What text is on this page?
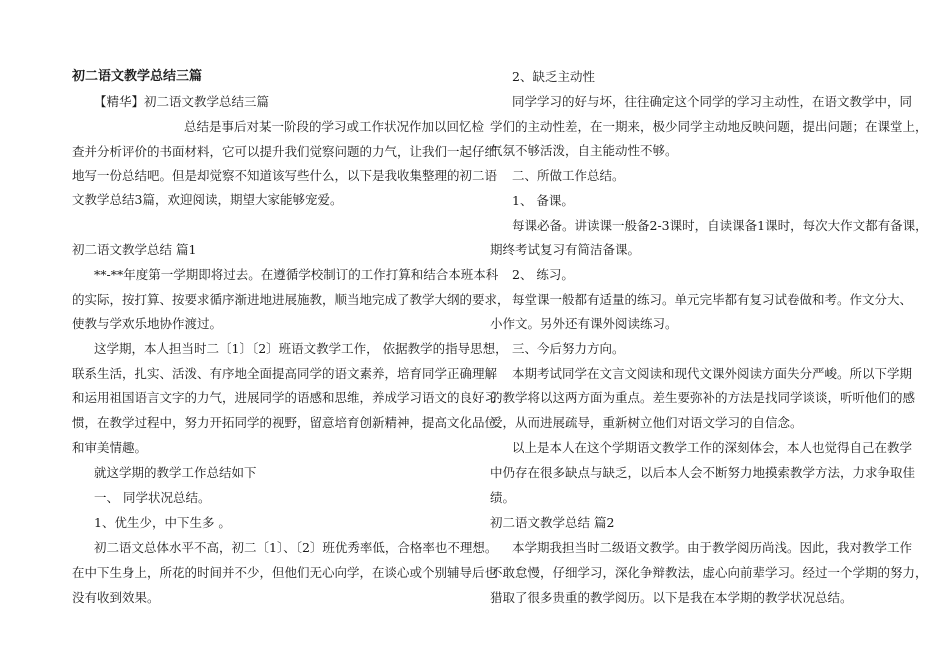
初二语文教学总结三篇
【精华】初二语文教学总结三篇
总结是事后对某一阶段的学习或工作状况作加以回忆检
查并分析评价的书面材料，它可以提升我们觉察问题的力气，让我们一起仔细
地写一份总结吧。但是却觉察不知道该写些什么，以下是我收集整理的初二语
文教学总结3篇，欢迎阅读，期望大家能够宠爱。
初二语文教学总结 篇1
**-**年度第一学期即将过去。在遵循学校制订的工作打算和结合本班本科
的实际，按打算、按要求循序渐进地进展施教，顺当地完成了教学大纲的要求，
使教与学欢乐地协作渡过。
这学期，本人担当时二〔1〕〔2〕班语文教学工作， 依据教学的指导思想，
联系生活，扎实、活泼、有序地全面提高同学的语文素养，培育同学正确理解
和运用祖国语言文字的力气，进展同学的语感和思维，养成学习语文的良好习
惯，在教学过程中，努力开拓同学的视野，留意培育创新精神，提高文化品位
和审美情趣。
就这学期的教学工作总结如下
一、 同学状况总结。
1、优生少，中下生多 。
初二语文总体水平不高，初二〔1〕、〔2〕班优秀率低，合格率也不理想。
在中下生身上，所花的时间并不少，但他们无心向学，在谈心或个别辅导后也
没有收到效果。
2、缺乏主动性
同学学习的好与坏，往往确定这个同学的学习主动性，在语文教学中，同
学们的主动性差，在一期来，极少同学主动地反映问题，提出问题；在课堂上，
气氛不够活泼，自主能动性不够。
二、所做工作总结。
1、 备课。
每课必备。讲读课一般备2-3课时，自读课备1课时，每次大作文都有备课，
期终考试复习有简洁备课。
2、 练习。
每堂课一般都有适量的练习。单元完毕都有复习试卷做和考。作文分大、
小作文。另外还有课外阅读练习。
三、今后努力方向。
本期考试同学在文言文阅读和现代文课外阅读方面失分严峻。所以下学期
的教学将以这两方面为重点。差生要弥补的方法是找同学谈谈，听听他们的感
受，从而进展疏导，重新树立他们对语文学习的自信念。
以上是本人在这个学期语文教学工作的深刻体会，本人也觉得自己在教学
中仍存在很多缺点与缺乏，以后本人会不断努力地摸索教学方法，力求争取佳
绩。
初二语文教学总结 篇2
本学期我担当时二级语文教学。由于教学阅历尚浅。因此，我对教学工作
不敢怠慢，仔细学习，深化争辩教法，虚心向前辈学习。经过一个学期的努力，
猎取了很多贵重的教学阅历。以下是我在本学期的教学状况总结。
